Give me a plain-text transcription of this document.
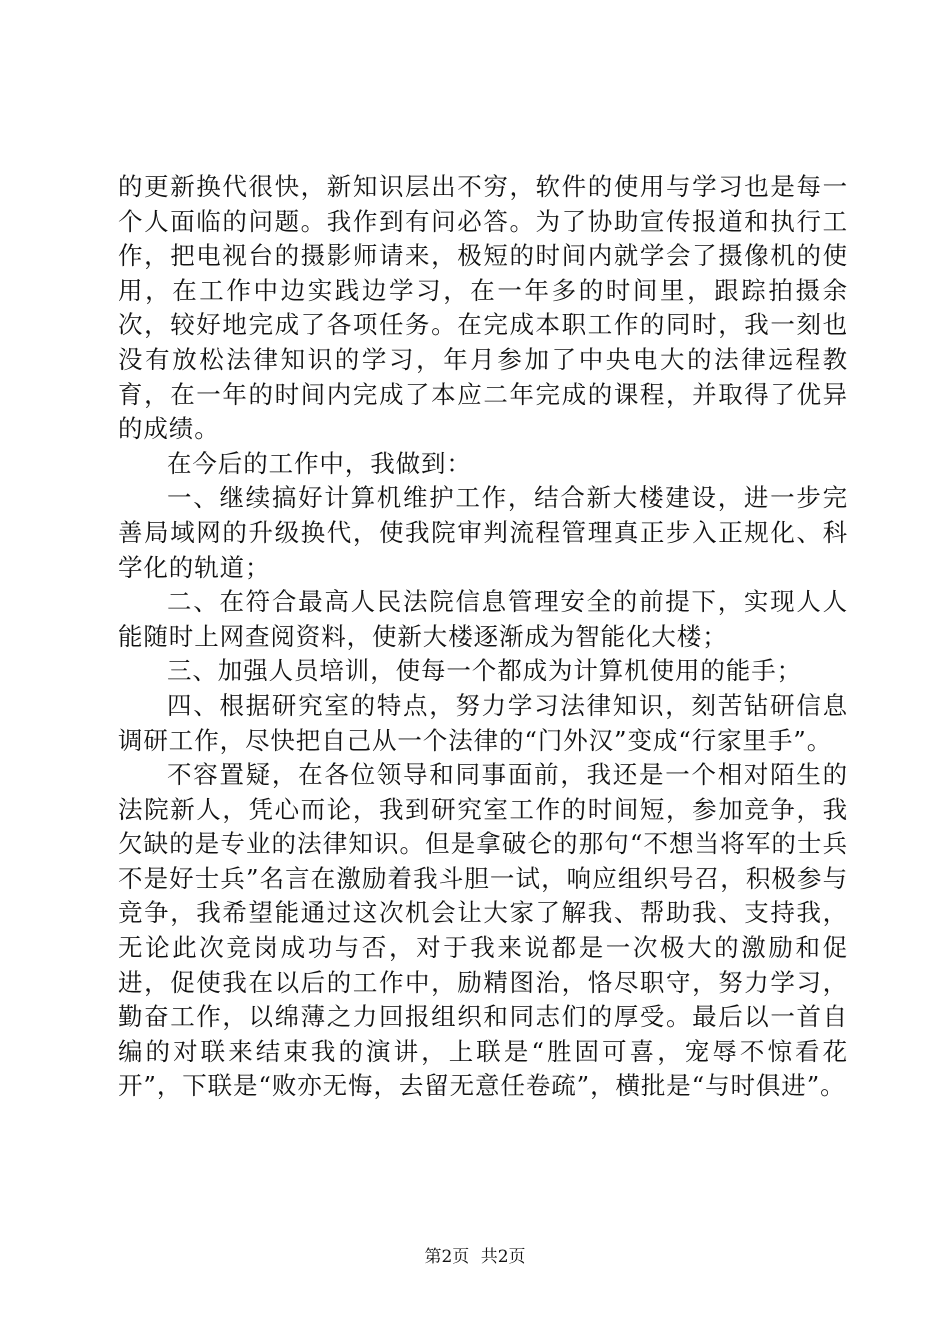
的更新换代很快，新知识层出不穷，软件的使用与学习也是每一个人面临的问题。我作到有问必答。为了协助宣传报道和执行工作，把电视台的摄影师请来，极短的时间内就学会了摄像机的使用，在工作中边实践边学习，在一年多的时间里，跟踪拍摄余次，较好地完成了各项任务。在完成本职工作的同时，我一刻也没有放松法律知识的学习，年月参加了中央电大的法律远程教育，在一年的时间内完成了本应二年完成的课程，并取得了优异的成绩。

在今后的工作中，我做到：

一、继续搞好计算机维护工作，结合新大楼建设，进一步完善局域网的升级换代，使我院审判流程管理真正步入正规化、科学化的轨道；

二、在符合最高人民法院信息管理安全的前提下，实现人人能随时上网查阅资料，使新大楼逐渐成为智能化大楼；

三、加强人员培训，使每一个都成为计算机使用的能手；

四、根据研究室的特点，努力学习法律知识，刻苦钻研信息调研工作，尽快把自己从一个法律的“门外汉”变成“行家里手”。

不容置疑，在各位领导和同事面前，我还是一个相对陌生的法院新人，凭心而论，我到研究室工作的时间短，参加竞争，我欠缺的是专业的法律知识。但是拿破仑的那句“不想当将军的士兵不是好士兵”名言在激励着我斗胆一试，响应组织号召，积极参与竞争，我希望能通过这次机会让大家了解我、帮助我、支持我，无论此次竞岗成功与否，对于我来说都是一次极大的激励和促进，促使我在以后的工作中，励精图治，恪尽职守，努力学习，勤奋工作，以绵薄之力回报组织和同志们的厚受。最后以一首自编的对联来结束我的演讲，上联是“胜固可喜，宠辱不惊看花开”，下联是“败亦无悔，去留无意任卷疏”，横批是“与时俱进”。

第2页 共2页
